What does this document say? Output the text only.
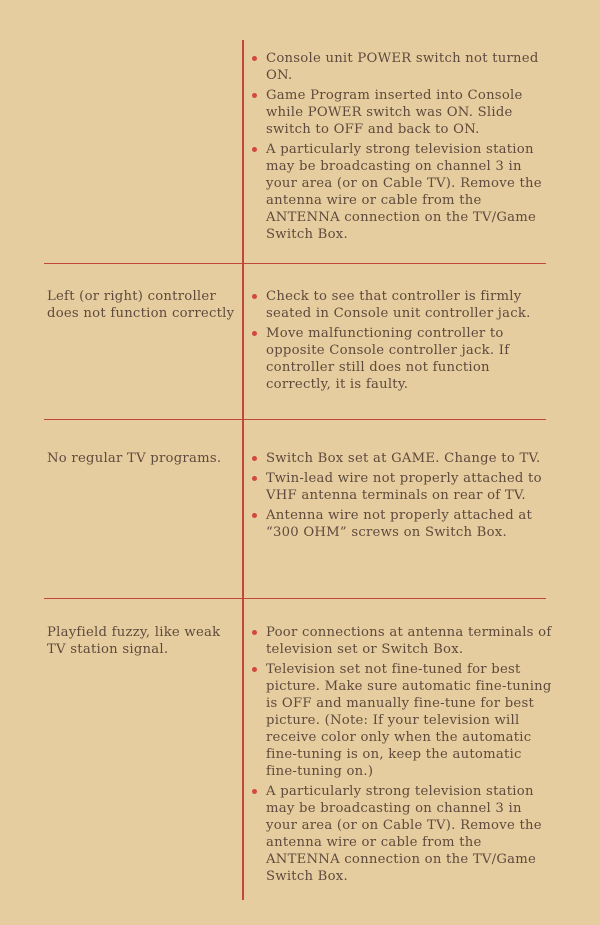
Console unit POWER switch not turned ON.
Game Program inserted into Console while POWER switch was ON. Slide switch to OFF and back to ON.
A particularly strong television station may be broadcasting on channel 3 in your area (or on Cable TV). Remove the antenna wire or cable from the ANTENNA connection on the TV/Game Switch Box.
Left (or right) controller does not function correctly
Check to see that controller is firmly seated in Console unit controller jack.
Move malfunctioning controller to opposite Console controller jack. If controller still does not function correctly, it is faulty.
No regular TV programs.	Switch Box set at GAME. Change to TV.
Twin-lead wire not properly attached to VHF antenna terminals on rear of TV.
Antenna wire not properly attached at “300 OHM” screws on Switch Box.
Playfield fuzzy, like weak TV station signal.
Poor connections at antenna terminals of television set or Switch Box.
Television set not fine-tuned for best picture. Make sure automatic fine-tuning is OFF and manually fine-tune for best picture. (Note: If your television will receive color only when the automatic fine-tuning is on, keep the automatic fine-tuning on.)
A particularly strong television station may be broadcasting on channel 3 in your area (or on Cable TV). Remove the antenna wire or cable from the ANTENNA connection on the TV/Game Switch Box.
